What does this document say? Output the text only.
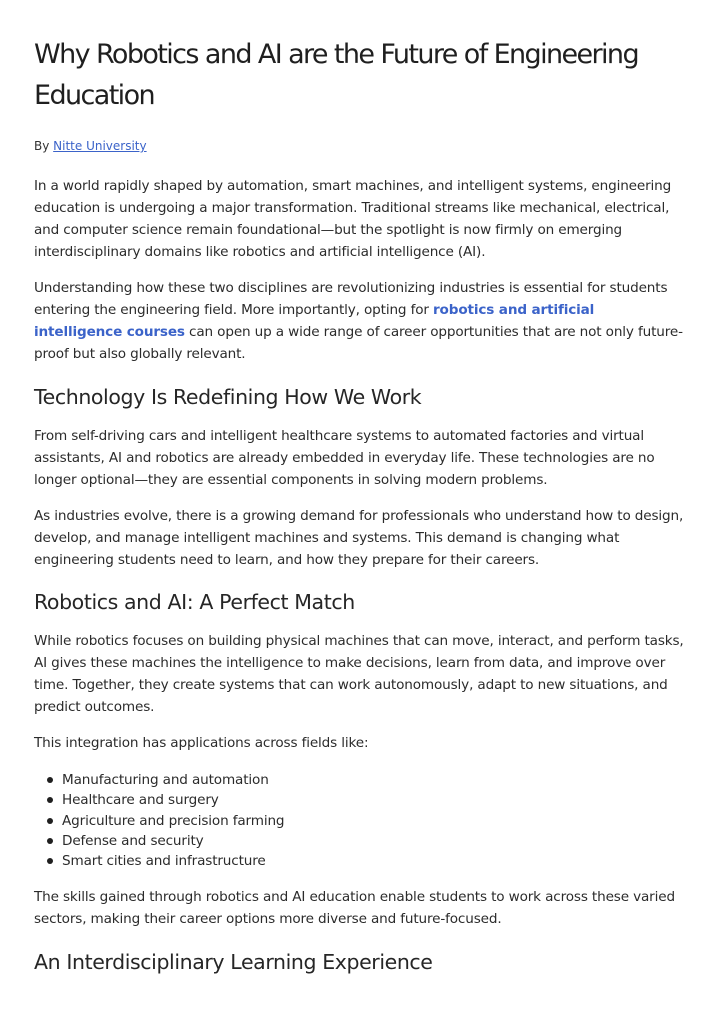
Why Robotics and AI are the Future of Engineering Education
By Nitte University

In a world rapidly shaped by automation, smart machines, and intelligent systems, engineering education is undergoing a major transformation. Traditional streams like mechanical, electrical, and computer science remain foundational—but the spotlight is now firmly on emerging interdisciplinary domains like robotics and artificial intelligence (AI).

Understanding how these two disciplines are revolutionizing industries is essential for students entering the engineering field. More importantly, opting for robotics and artificial intelligence courses can open up a wide range of career opportunities that are not only future-proof but also globally relevant.

Technology Is Redefining How We Work

From self-driving cars and intelligent healthcare systems to automated factories and virtual assistants, AI and robotics are already embedded in everyday life. These technologies are no longer optional—they are essential components in solving modern problems.

As industries evolve, there is a growing demand for professionals who understand how to design, develop, and manage intelligent machines and systems. This demand is changing what engineering students need to learn, and how they prepare for their careers.

Robotics and AI: A Perfect Match

While robotics focuses on building physical machines that can move, interact, and perform tasks, AI gives these machines the intelligence to make decisions, learn from data, and improve over time. Together, they create systems that can work autonomously, adapt to new situations, and predict outcomes.

This integration has applications across fields like:

Manufacturing and automation
Healthcare and surgery
Agriculture and precision farming
Defense and security
Smart cities and infrastructure

The skills gained through robotics and AI education enable students to work across these varied sectors, making their career options more diverse and future-focused.

An Interdisciplinary Learning Experience
